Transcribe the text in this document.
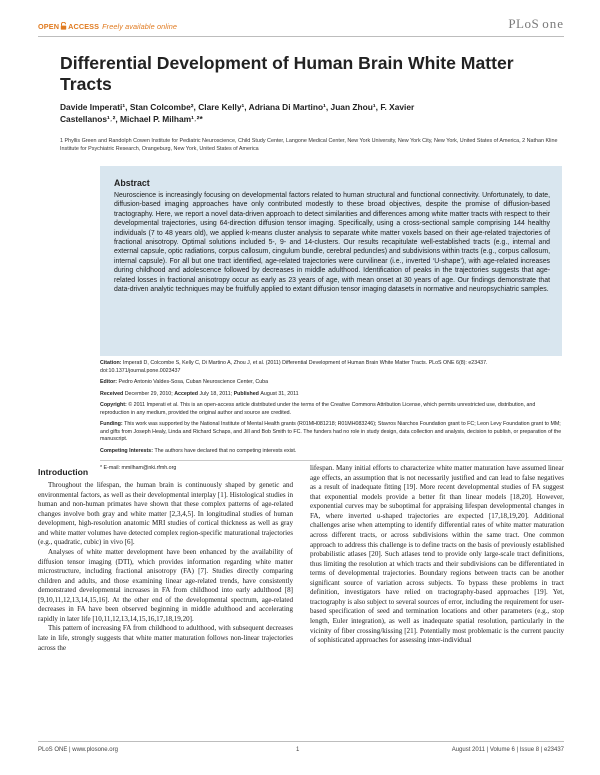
OPEN ACCESS Freely available online	PLoS one
Differential Development of Human Brain White Matter Tracts
Davide Imperati¹, Stan Colcombe², Clare Kelly¹, Adriana Di Martino¹, Juan Zhou¹, F. Xavier
Castellanos¹˒², Michael P. Milham¹˒²*
1 Phyllis Green and Randolph Cowen Institute for Pediatric Neuroscience, Child Study Center, Langone Medical Center, New York University, New York City, New York, United States of America, 2 Nathan Kline Institute for Psychiatric Research, Orangeburg, New York, United States of America
Abstract

Neuroscience is increasingly focusing on developmental factors related to human structural and functional connectivity. Unfortunately, to date, diffusion-based imaging approaches have only contributed modestly to these broad objectives, despite the promise of diffusion-based tractography. Here, we report a novel data-driven approach to detect similarities and differences among white matter tracts with respect to their developmental trajectories, using 64-direction diffusion tensor imaging. Specifically, using a cross-sectional sample comprising 144 healthy individuals (7 to 48 years old), we applied k-means cluster analysis to separate white matter voxels based on their age-related trajectories of fractional anisotropy. Optimal solutions included 5-, 9- and 14-clusters. Our results recapitulate well-established tracts (e.g., internal and external capsule, optic radiations, corpus callosum, cingulum bundle, cerebral peduncles) and subdivisions within tracts (e.g., corpus callosum, internal capsule). For all but one tract identified, age-related trajectories were curvilinear (i.e., inverted ‘U-shape’), with age-related increases during childhood and adolescence followed by decreases in middle adulthood. Identification of peaks in the trajectories suggests that age-related losses in fractional anisotropy occur as early as 23 years of age, with mean onset at 30 years of age. Our findings demonstrate that data-driven analytic techniques may be fruitfully applied to extant diffusion tensor imaging datasets in normative and neuropsychiatric samples.

Citation: Imperati D, Colcombe S, Kelly C, Di Martino A, Zhou J, et al. (2011) Differential Development of Human Brain White Matter Tracts. PLoS ONE 6(8): e23437. doi:10.1371/journal.pone.0023437

Editor: Pedro Antonio Valdes-Sosa, Cuban Neuroscience Center, Cuba

Received December 29, 2010; Accepted July 18, 2011; Published August 31, 2011

Copyright: © 2011 Imperati et al. This is an open-access article distributed under the terms of the Creative Commons Attribution License, which permits unrestricted use, distribution, and reproduction in any medium, provided the original author and source are credited.

Funding: This work was supported by the National Institute of Mental Health grants (R01MH081218; R01MH083246); Stavros Niarchos Foundation grant to FC; Leon Levy Foundation grant to MM; and gifts from Joseph Healy, Linda and Richard Schaps, and Jill and Bob Smith to FC. The funders had no role in study design, data collection and analysis, decision to publish, or preparation of the manuscript.

Competing Interests: The authors have declared that no competing interests exist.

* E-mail: mmilham@nki.rfmh.org

Introduction

Throughout the lifespan, the human brain is continuously shaped by genetic and environmental factors, as well as their developmental interplay [1]. Histological studies in human and non-human primates have shown that these complex patterns of age-related changes involve both gray and white matter [2,3,4,5]. In longitudinal studies of human development, high-resolution anatomic MRI studies of cortical thickness as well as gray and white matter volumes have detected complex region-specific maturational trajectories (e.g., quadratic, cubic) in vivo [6].

Analyses of white matter development have been enhanced by the availability of diffusion tensor imaging (DTI), which provides information regarding white matter microstructure, including fractional anisotropy (FA) [7]. Studies directly comparing children and adults, and those examining linear age-related trends, have consistently demonstrated developmental increases in FA from childhood into early adulthood [8] [9,10,11,12,13,14,15,16]. At the other end of the developmental spectrum, age-related decreases in FA have been observed beginning in middle adulthood and accelerating rapidly in later life [10,11,12,13,14,15,16,17,18,19,20].

This pattern of increasing FA from childhood to adulthood, with subsequent decreases late in life, strongly suggests that white matter maturation follows non-linear trajectories across the

lifespan. Many initial efforts to characterize white matter maturation have assumed linear age effects, an assumption that is not necessarily justified and can lead to false negatives as a result of inadequate fitting [19]. More recent developmental studies of FA suggest that exponential models provide a better fit than linear models [18,20]. However, exponential curves may be suboptimal for appraising lifespan developmental changes in FA, where inverted u-shaped trajectories are expected [17,18,19,20]. Additional challenges arise when attempting to identify differential rates of white matter maturation across different tracts, or across subdivisions within the same tract. One common approach to address this challenge is to define tracts on the basis of previously established probabilistic atlases [20]. Such atlases tend to provide only large-scale tract definitions, thus limiting the resolution at which tracts and their subdivisions can be differentiated in terms of developmental trajectories. Boundary regions between tracts can be another significant source of variation across subjects. To bypass these problems in tract definition, investigators have relied on tractography-based approaches [19]. Yet, tractography is also subject to several sources of error, including the requirement for user-based specification of seed and termination locations and other parameters (e.g., stop length, Euler integration), as well as inadequate spatial resolution, particularly in the vicinity of fiber crossing/kissing [21]. Potentially most problematic is the current paucity of sophisticated approaches for assessing inter-individual

PLoS ONE | www.plosone.org	1	August 2011 | Volume 6 | Issue 8 | e23437
